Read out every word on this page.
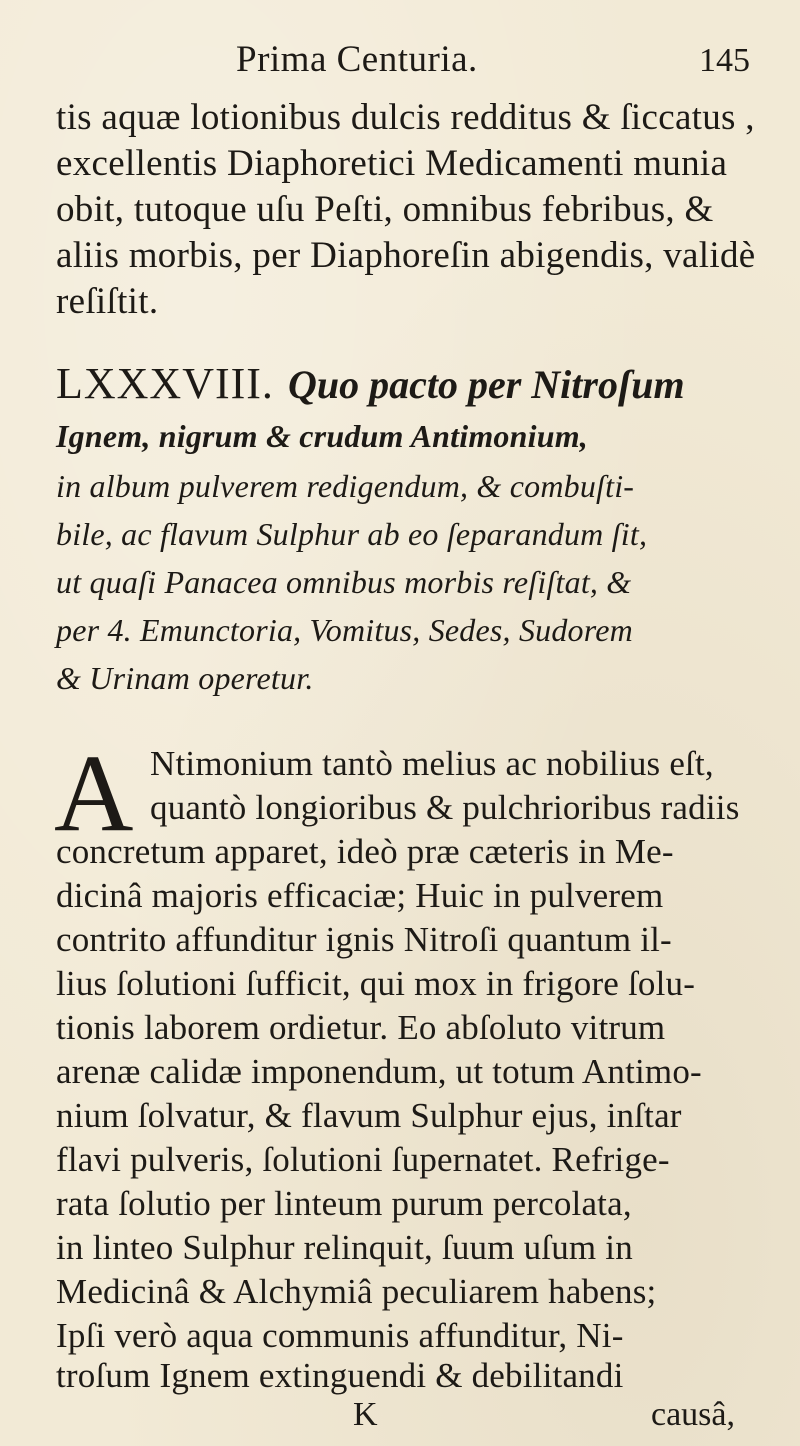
Prima Centuria.	145
tis aquæ lotionibus dulcis redditus & ſiccatus ,
excellentis Diaphoretici Medicamenti munia
obit, tutoque uſu Peſti, omnibus febribus, &
aliis morbis, per Diaphoreſin abigendis, validè
reſiſtit.
LXXXVIII. Quo pacto per Nitroſum
Ignem, nigrum & crudum Antimonium,
in album pulverem redigendum, & combuſti-
bile, ac flavum Sulphur ab eo ſeparandum ſit,
ut quaſi Panacea omnibus morbis reſiſtat, &
per 4. Emunctoria, Vomitus, Sedes, Sudorem
& Urinam operetur.
A Ntimonium tantò melius ac nobilius eſt,
quantò longioribus & pulchrioribus radiis
concretum apparet, ideò præ cæteris in Me-
dicinâ majoris efficaciæ; Huic in pulverem
contrito affunditur ignis Nitroſi quantum il-
lius ſolutioni ſufficit, qui mox in frigore ſolu-
tionis laborem ordietur. Eo abſoluto vitrum
arenæ calidæ imponendum, ut totum Antimo-
nium ſolvatur, & flavum Sulphur ejus, inſtar
flavi pulveris, ſolutioni ſupernatet. Refrige-
rata ſolutio per linteum purum percolata,
in linteo Sulphur relinquit, ſuum uſum in
Medicinâ & Alchymiâ peculiarem habens;
Ipſi verò aqua communis affunditur, Ni-
troſum Ignem extinguendi & debilitandi
K	causâ,
